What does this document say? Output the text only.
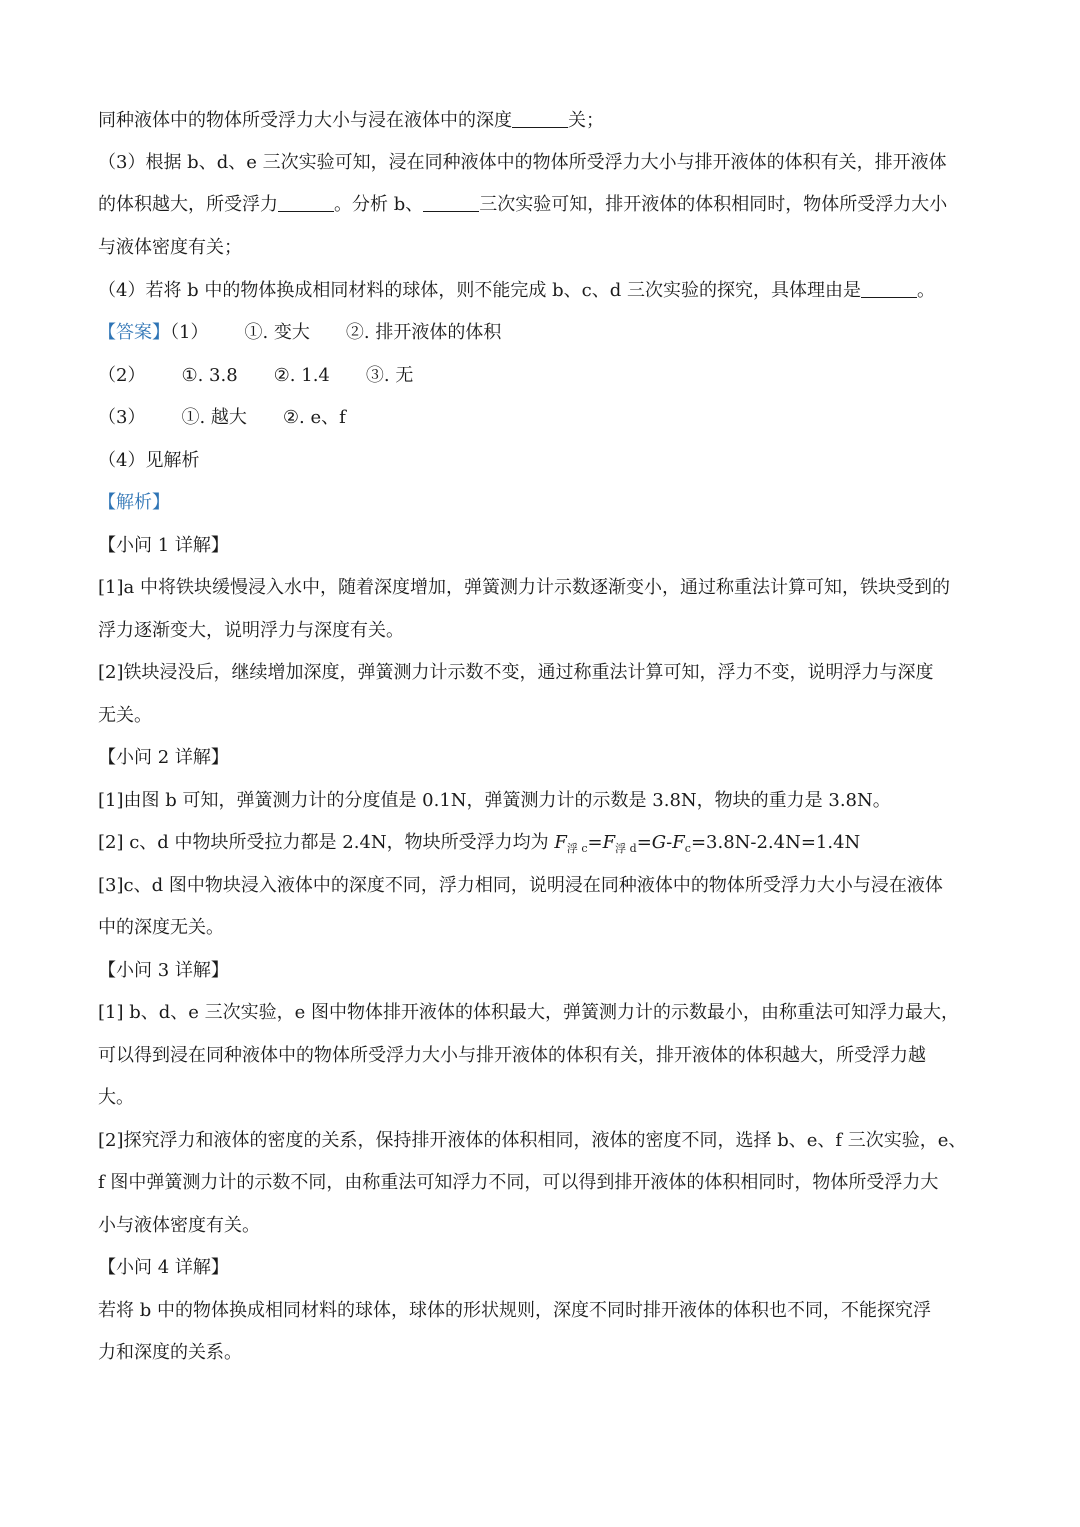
同种液体中的物体所受浮力大小与浸在液体中的深度	关；
（3）根据 b、d、e 三次实验可知，浸在同种液体中的物体所受浮力大小与排开液体的体积有关，排开液体
的体积越大，所受浮力	。分析 b、	三次实验可知，排开液体的体积相同时，物体所受浮力大小
与液体密度有关；
（4）若将 b 中的物体换成相同材料的球体，则不能完成 b、c、d 三次实验的探究，具体理由是	。
【答案】（1） ①. 变大 ②. 排开液体的体积
（2） ①. 3.8 ②. 1.4 ③. 无
（3） ①. 越大 ②. e、f
（4）见解析
【解析】
【小问 1 详解】
[1]a 中将铁块缓慢浸入水中，随着深度增加，弹簧测力计示数逐渐变小，通过称重法计算可知，铁块受到的
浮力逐渐变大，说明浮力与深度有关。
[2]铁块浸没后，继续增加深度，弹簧测力计示数不变，通过称重法计算可知，浮力不变，说明浮力与深度
无关。
【小问 2 详解】
[1]由图 b 可知，弹簧测力计的分度值是 0.1N，弹簧测力计的示数是 3.8N，物块的重力是 3.8N。
[2] c、d 中物块所受拉力都是 2.4N，物块所受浮力均为 $F_{浮 c}=F_{浮 d}=G-F_c=3.8N-2.4N=1.4N$
[3]c、d 图中物块浸入液体中的深度不同，浮力相同，说明浸在同种液体中的物体所受浮力大小与浸在液体
中的深度无关。
【小问 3 详解】
[1] b、d、e 三次实验，e 图中物体排开液体的体积最大，弹簧测力计的示数最小，由称重法可知浮力最大，
可以得到浸在同种液体中的物体所受浮力大小与排开液体的体积有关，排开液体的体积越大，所受浮力越
大。
[2]探究浮力和液体的密度的关系，保持排开液体的体积相同，液体的密度不同，选择 b、e、f 三次实验，e、
f 图中弹簧测力计的示数不同，由称重法可知浮力不同，可以得到排开液体的体积相同时，物体所受浮力大
小与液体密度有关。
【小问 4 详解】
若将 b 中的物体换成相同材料的球体，球体的形状规则，深度不同时排开液体的体积也不同，不能探究浮
力和深度的关系。
